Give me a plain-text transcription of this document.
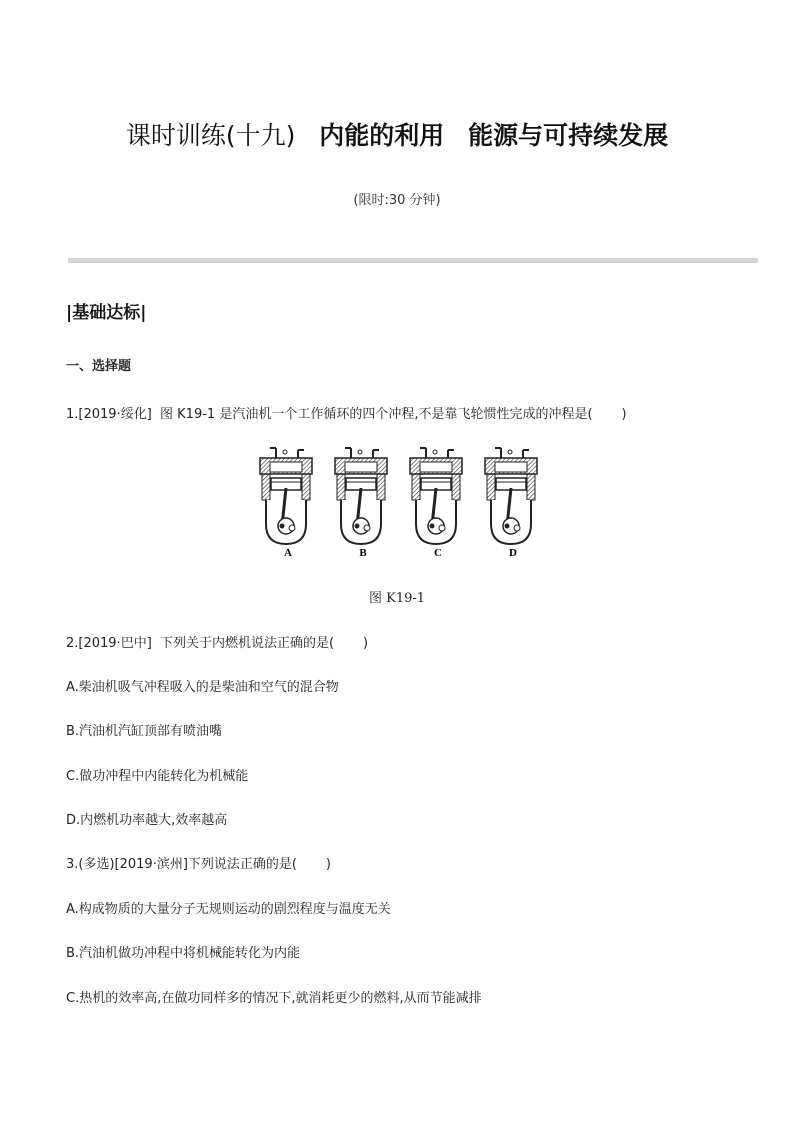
课时训练(十九) 内能的利用 能源与可持续发展
(限时:30 分钟)
|基础达标|
一、选择题
1.[2019·绥化]  图 K19-1 是汽油机一个工作循环的四个冲程,不是靠飞轮惯性完成的冲程是(       )
A	B	C	D
图 K19-1
2.[2019·巴中]  下列关于内燃机说法正确的是(       )
A.柴油机吸气冲程吸入的是柴油和空气的混合物
B.汽油机汽缸顶部有喷油嘴
C.做功冲程中内能转化为机械能
D.内燃机功率越大,效率越高
3.(多选)[2019·滨州]下列说法正确的是(       )
A.构成物质的大量分子无规则运动的剧烈程度与温度无关
B.汽油机做功冲程中将机械能转化为内能
C.热机的效率高,在做功同样多的情况下,就消耗更少的燃料,从而节能减排
